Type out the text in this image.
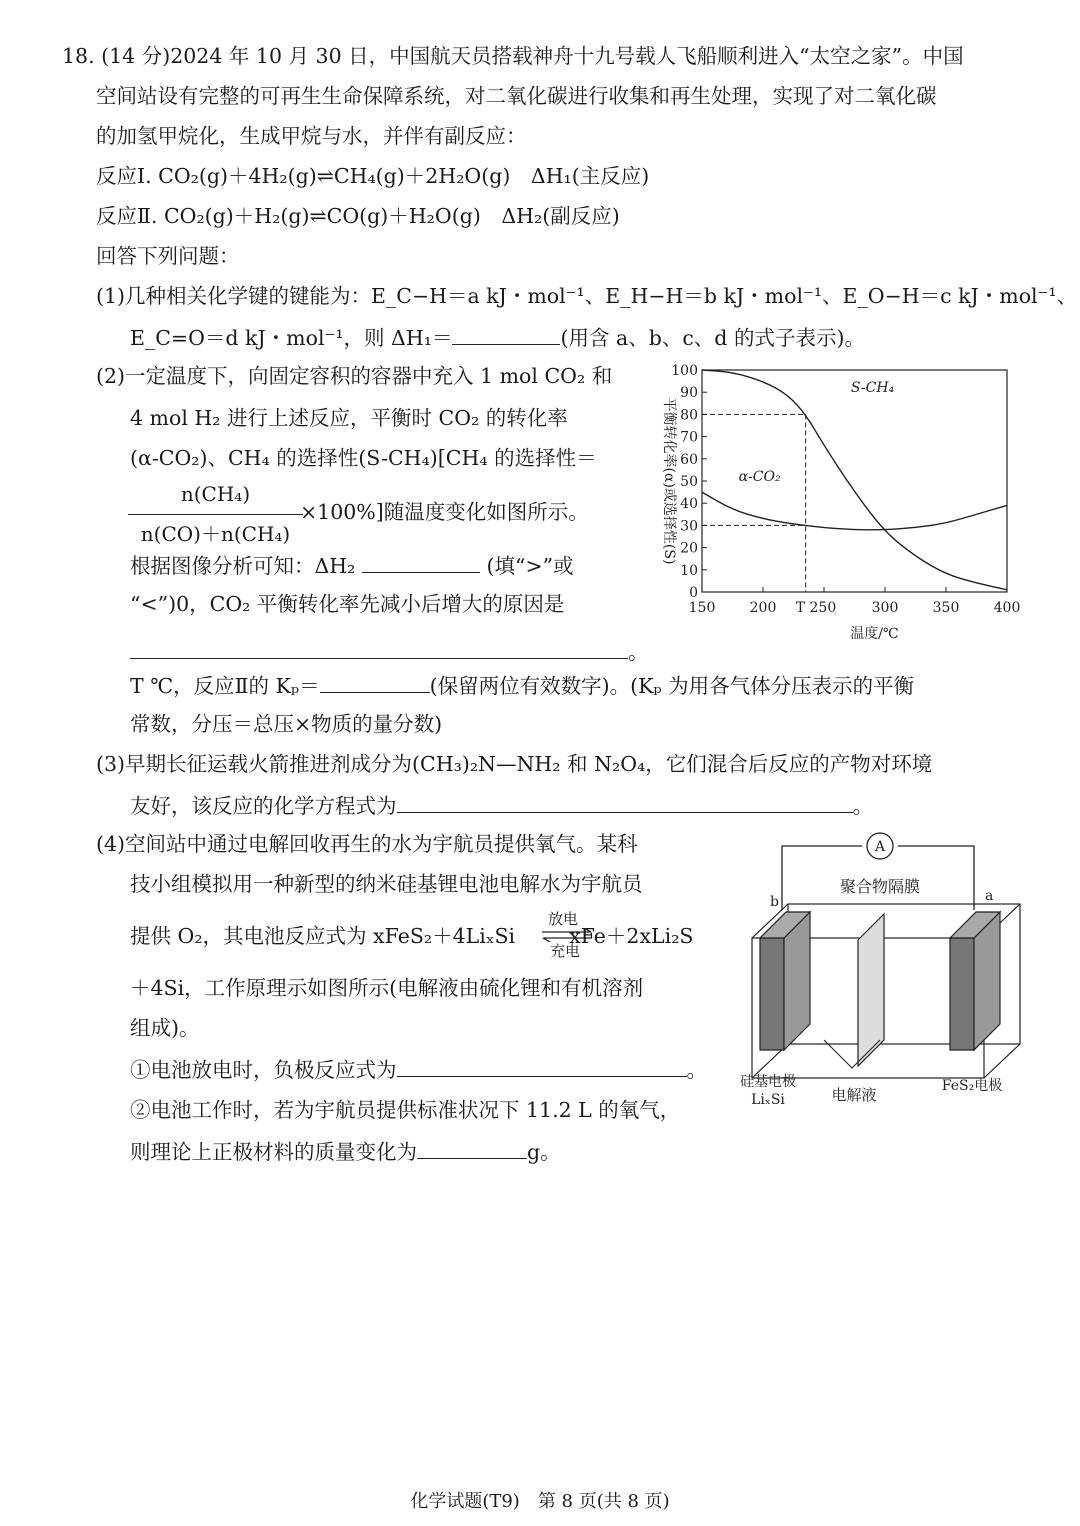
18. (14 分)2024 年 10 月 30 日，中国航天员搭载神舟十九号载人飞船顺利进入“太空之家”。中国
空间站设有完整的可再生生命保障系统，对二氧化碳进行收集和再生处理，实现了对二氧化碳
的加氢甲烷化，生成甲烷与水，并伴有副反应：
反应Ⅰ. CO₂(g)＋4H₂(g)⇌CH₄(g)＋2H₂O(g)　ΔH₁(主反应)
反应Ⅱ. CO₂(g)＋H₂(g)⇌CO(g)＋H₂O(g)　ΔH₂(副反应)
回答下列问题：
(1)几种相关化学键的键能为：E_C−H＝a kJ・mol⁻¹、E_H−H＝b kJ・mol⁻¹、E_O−H＝c kJ・mol⁻¹、
E_C=O＝d kJ・mol⁻¹，则 ΔH₁＝	(用含 a、b、c、d 的式子表示)。
(2)一定温度下，向固定容积的容器中充入 1 mol CO₂ 和
4 mol H₂ 进行上述反应，平衡时 CO₂ 的转化率
(α-CO₂)、CH₄ 的选择性(S-CH₄)[CH₄ 的选择性＝
n(CH₄)
n(CO)＋n(CH₄)
×100%]随温度变化如图所示。
根据图像分析可知：ΔH₂	(填“>”或
“<”)0，CO₂ 平衡转化率先减小后增大的原因是
。
T ℃，反应Ⅱ的 Kₚ＝	(保留两位有效数字)。(Kₚ 为用各气体分压表示的平衡
常数，分压＝总压×物质的量分数)
0
10
20
30
40
50
60
70
80
90
100
150 200 T 250	300 350 400
温度/℃
平衡转化率(α)或选择性(S)
S-CH₄
α-CO₂
(3)早期长征运载火箭推进剂成分为(CH₃)₂N—NH₂ 和 N₂O₄，它们混合后反应的产物对环境
友好，该反应的化学方程式为	。
(4)空间站中通过电解回收再生的水为宇航员提供氧气。某科
技小组模拟用一种新型的纳米硅基锂电池电解水为宇航员
提供 O₂，其电池反应式为 xFeS₂＋4LiₓSi	xFe＋2xLi₂S
放电
充电
＋4Si，工作原理示如图所示(电解液由硫化锂和有机溶剂
组成)。
①电池放电时，负极反应式为	。
②电池工作时，若为宇航员提供标准状况下 11.2 L 的氧气，
则理论上正极材料的质量变化为	g。
A
b	a
聚合物隔膜
硅基电极
LiₓSi	电解液	FeS₂电极
化学试题(T9)　第 8 页(共 8 页)
